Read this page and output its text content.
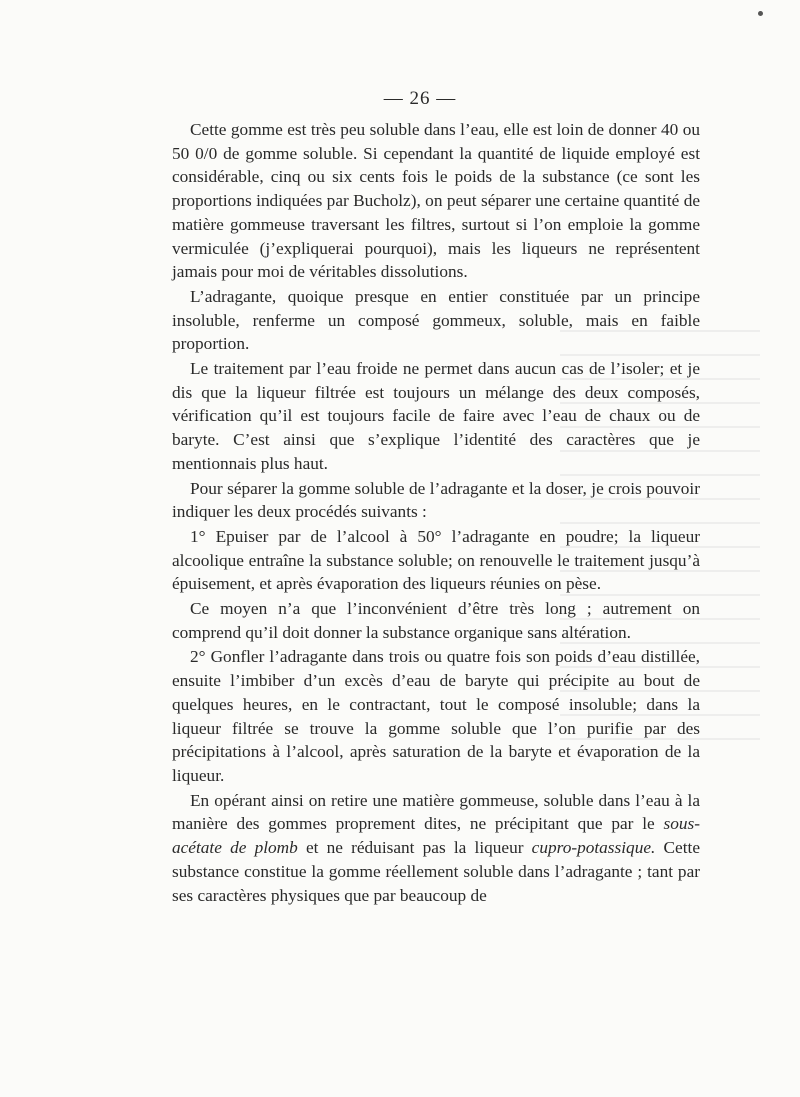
— 26 —

Cette gomme est très peu soluble dans l’eau, elle est loin de donner 40 ou 50 0/0 de gomme soluble. Si cependant la quantité de liquide employé est considérable, cinq ou six cents fois le poids de la substance (ce sont les proportions indiquées par Bucholz), on peut séparer une certaine quantité de matière gommeuse traversant les filtres, surtout si l’on emploie la gomme vermiculée (j’expliquerai pourquoi), mais les liqueurs ne représentent jamais pour moi de véritables dissolutions.

L’adragante, quoique presque en entier constituée par un principe insoluble, renferme un composé gommeux, soluble, mais en faible proportion.

Le traitement par l’eau froide ne permet dans aucun cas de l’isoler; et je dis que la liqueur filtrée est toujours un mélange des deux composés, vérification qu’il est toujours facile de faire avec l’eau de chaux ou de baryte. C’est ainsi que s’explique l’identité des caractères que je mentionnais plus haut.

Pour séparer la gomme soluble de l’adragante et la doser, je crois pouvoir indiquer les deux procédés suivants :

1° Epuiser par de l’alcool à 50° l’adragante en poudre; la liqueur alcoolique entraîne la substance soluble; on renouvelle le traitement jusqu’à épuisement, et après évaporation des liqueurs réunies on pèse.

Ce moyen n’a que l’inconvénient d’être très long ; autrement on comprend qu’il doit donner la substance organique sans altération.

2° Gonfler l’adragante dans trois ou quatre fois son poids d’eau distillée, ensuite l’imbiber d’un excès d’eau de baryte qui précipite au bout de quelques heures, en le contractant, tout le composé insoluble; dans la liqueur filtrée se trouve la gomme soluble que l’on purifie par des précipitations à l’alcool, après saturation de la baryte et évaporation de la liqueur.

En opérant ainsi on retire une matière gommeuse, soluble dans l’eau à la manière des gommes proprement dites, ne précipitant que par le sous-acétate de plomb et ne réduisant pas la liqueur cupro-potassique. Cette substance constitue la gomme réellement soluble dans l’adragante ; tant par ses caractères physiques que par beaucoup de
